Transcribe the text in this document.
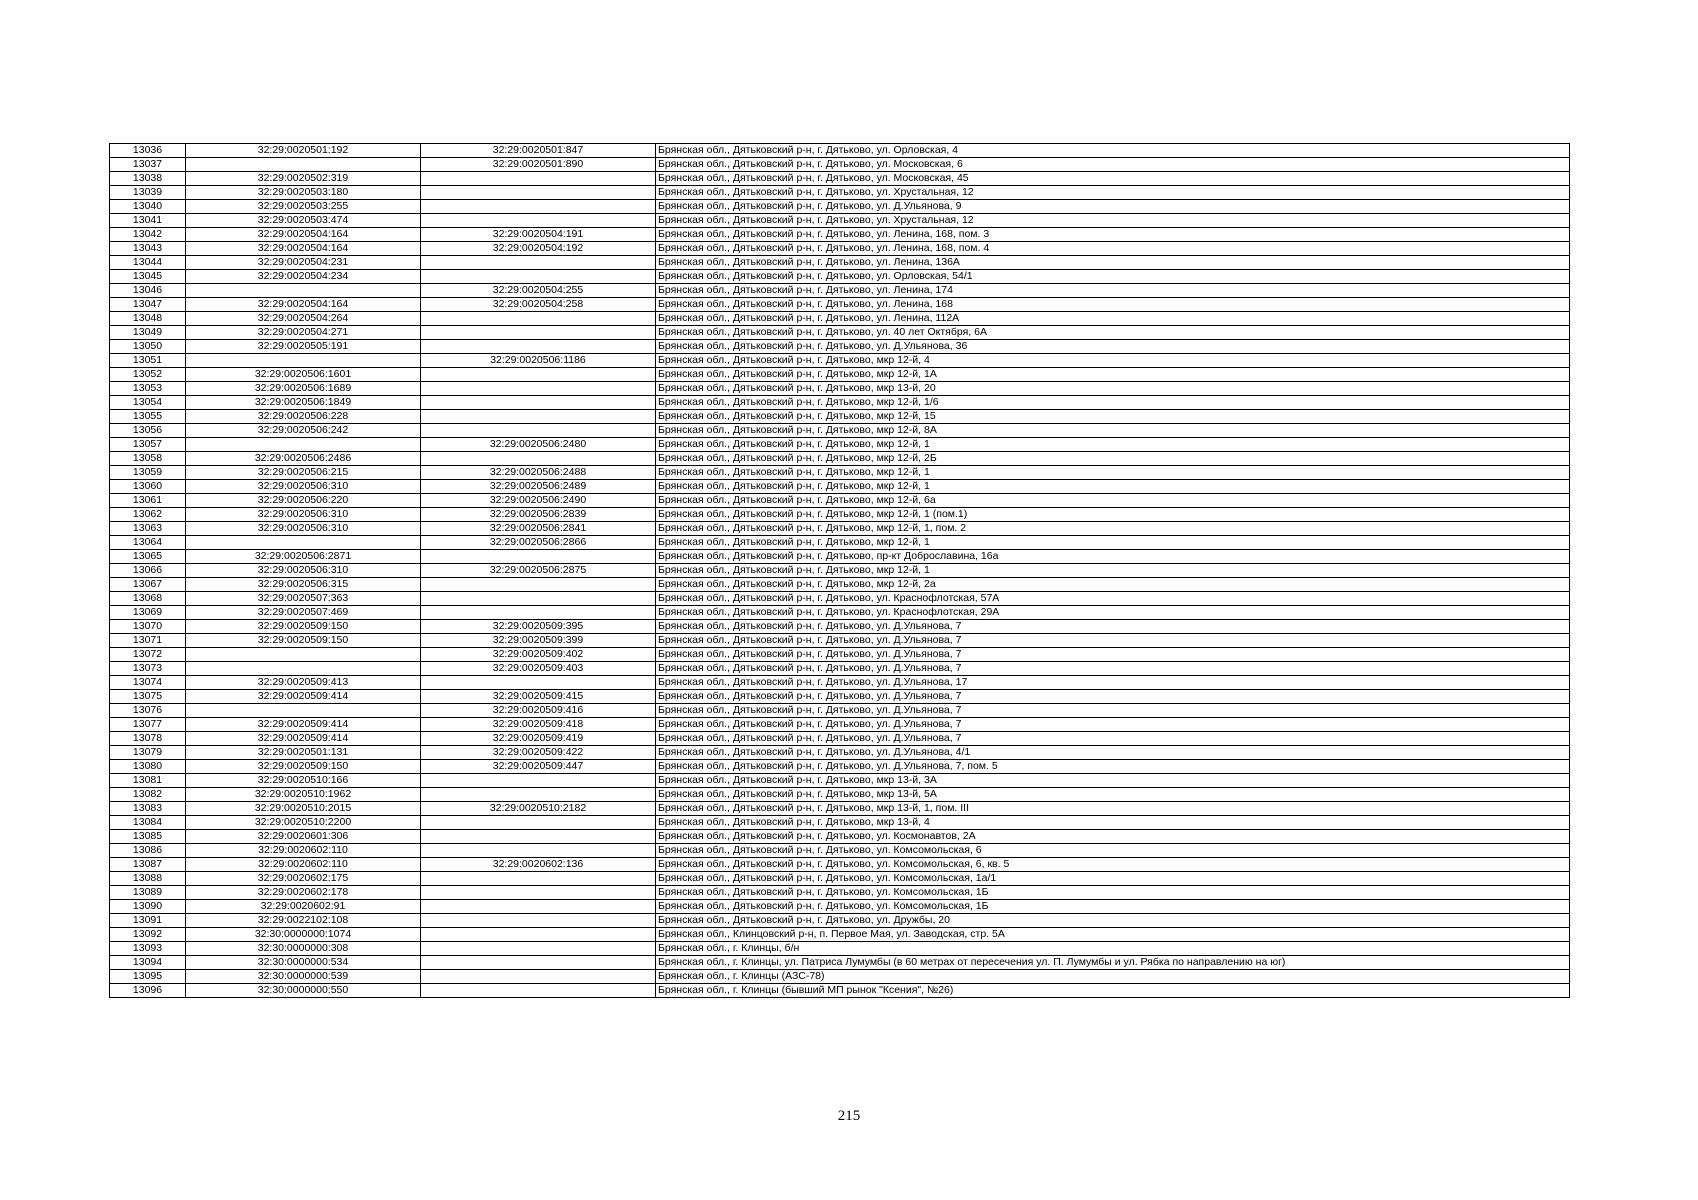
13036	32:29:0020501:192	32:29:0020501:847	Брянская обл., Дятьковский р-н, г. Дятьково, ул. Орловская, 4
13037		32:29:0020501:890	Брянская обл., Дятьковский р-н, г. Дятьково, ул. Московская, 6
13038	32:29:0020502:319		Брянская обл., Дятьковский р-н, г. Дятьково, ул. Московская, 45
13039	32:29:0020503:180		Брянская обл., Дятьковский р-н, г. Дятьково, ул. Хрустальная, 12
13040	32:29:0020503:255		Брянская обл., Дятьковский р-н, г. Дятьково, ул. Д.Ульянова, 9
13041	32:29:0020503:474		Брянская обл., Дятьковский р-н, г. Дятьково, ул. Хрустальная, 12
13042	32:29:0020504:164	32:29:0020504:191	Брянская обл., Дятьковский р-н, г. Дятьково, ул. Ленина, 168, пом. 3
13043	32:29:0020504:164	32:29:0020504:192	Брянская обл., Дятьковский р-н, г. Дятьково, ул. Ленина, 168, пом. 4
13044	32:29:0020504:231		Брянская обл., Дятьковский р-н, г. Дятьково, ул. Ленина, 136А
13045	32:29:0020504:234		Брянская обл., Дятьковский р-н, г. Дятьково, ул. Орловская, 54/1
13046		32:29:0020504:255	Брянская обл., Дятьковский р-н, г. Дятьково, ул. Ленина, 174
13047	32:29:0020504:164	32:29:0020504:258	Брянская обл., Дятьковский р-н, г. Дятьково, ул. Ленина, 168
13048	32:29:0020504:264		Брянская обл., Дятьковский р-н, г. Дятьково, ул. Ленина, 112А
13049	32:29:0020504:271		Брянская обл., Дятьковский р-н, г. Дятьково, ул. 40 лет Октября, 6А
13050	32:29:0020505:191		Брянская обл., Дятьковский р-н, г. Дятьково, ул. Д.Ульянова, 36
13051		32:29:0020506:1186	Брянская обл., Дятьковский р-н, г. Дятьково, мкр 12-й, 4
13052	32:29:0020506:1601		Брянская обл., Дятьковский р-н, г. Дятьково, мкр 12-й, 1А
13053	32:29:0020506:1689		Брянская обл., Дятьковский р-н, г. Дятьково, мкр 13-й, 20
13054	32:29:0020506:1849		Брянская обл., Дятьковский р-н, г. Дятьково, мкр 12-й, 1/6
13055	32:29:0020506:228		Брянская обл., Дятьковский р-н, г. Дятьково, мкр 12-й, 15
13056	32:29:0020506:242		Брянская обл., Дятьковский р-н, г. Дятьково, мкр 12-й, 8А
13057		32:29:0020506:2480	Брянская обл., Дятьковский р-н, г. Дятьково, мкр 12-й, 1
13058	32:29:0020506:2486		Брянская обл., Дятьковский р-н, г. Дятьково, мкр 12-й, 2Б
13059	32:29:0020506:215	32:29:0020506:2488	Брянская обл., Дятьковский р-н, г. Дятьково, мкр 12-й, 1
13060	32:29:0020506:310	32:29:0020506:2489	Брянская обл., Дятьковский р-н, г. Дятьково, мкр 12-й, 1
13061	32:29:0020506:220	32:29:0020506:2490	Брянская обл., Дятьковский р-н, г. Дятьково, мкр 12-й, 6а
13062	32:29:0020506:310	32:29:0020506:2839	Брянская обл., Дятьковский р-н, г. Дятьково, мкр 12-й, 1 (пом.1)
13063	32:29:0020506:310	32:29:0020506:2841	Брянская обл., Дятьковский р-н, г. Дятьково, мкр 12-й, 1, пом. 2
13064		32:29:0020506:2866	Брянская обл., Дятьковский р-н, г. Дятьково, мкр 12-й, 1
13065	32:29:0020506:2871		Брянская обл., Дятьковский р-н, г. Дятьково, пр-кт Доброславина, 16а
13066	32:29:0020506:310	32:29:0020506:2875	Брянская обл., Дятьковский р-н, г. Дятьково, мкр 12-й, 1
13067	32:29:0020506:315		Брянская обл., Дятьковский р-н, г. Дятьково, мкр 12-й, 2а
13068	32:29:0020507:363		Брянская обл., Дятьковский р-н, г. Дятьково, ул. Краснофлотская, 57А
13069	32:29:0020507:469		Брянская обл., Дятьковский р-н, г. Дятьково, ул. Краснофлотская, 29А
13070	32:29:0020509:150	32:29:0020509:395	Брянская обл., Дятьковский р-н, г. Дятьково, ул. Д.Ульянова, 7
13071	32:29:0020509:150	32:29:0020509:399	Брянская обл., Дятьковский р-н, г. Дятьково, ул. Д.Ульянова, 7
13072		32:29:0020509:402	Брянская обл., Дятьковский р-н, г. Дятьково, ул. Д.Ульянова, 7
13073		32:29:0020509:403	Брянская обл., Дятьковский р-н, г. Дятьково, ул. Д.Ульянова, 7
13074	32:29:0020509:413		Брянская обл., Дятьковский р-н, г. Дятьково, ул. Д.Ульянова, 17
13075	32:29:0020509:414	32:29:0020509:415	Брянская обл., Дятьковский р-н, г. Дятьково, ул. Д.Ульянова, 7
13076		32:29:0020509:416	Брянская обл., Дятьковский р-н, г. Дятьково, ул. Д.Ульянова, 7
13077	32:29:0020509:414	32:29:0020509:418	Брянская обл., Дятьковский р-н, г. Дятьково, ул. Д.Ульянова, 7
13078	32:29:0020509:414	32:29:0020509:419	Брянская обл., Дятьковский р-н, г. Дятьково, ул. Д.Ульянова, 7
13079	32:29:0020501:131	32:29:0020509:422	Брянская обл., Дятьковский р-н, г. Дятьково, ул. Д.Ульянова, 4/1
13080	32:29:0020509:150	32:29:0020509:447	Брянская обл., Дятьковский р-н, г. Дятьково, ул. Д.Ульянова, 7, пом. 5
13081	32:29:0020510:166		Брянская обл., Дятьковский р-н, г. Дятьково, мкр 13-й, 3А
13082	32:29:0020510:1962		Брянская обл., Дятьковский р-н, г. Дятьково, мкр 13-й, 5А
13083	32:29:0020510:2015	32:29:0020510:2182	Брянская обл., Дятьковский р-н, г. Дятьково, мкр 13-й, 1, пом. III
13084	32:29:0020510:2200		Брянская обл., Дятьковский р-н, г. Дятьково, мкр 13-й, 4
13085	32:29:0020601:306		Брянская обл., Дятьковский р-н, г. Дятьково, ул. Космонавтов, 2А
13086	32:29:0020602:110		Брянская обл., Дятьковский р-н, г. Дятьково, ул. Комсомольская, 6
13087	32:29:0020602:110	32:29:0020602:136	Брянская обл., Дятьковский р-н, г. Дятьково, ул. Комсомольская, 6, кв. 5
13088	32:29:0020602:175		Брянская обл., Дятьковский р-н, г. Дятьково, ул. Комсомольская, 1а/1
13089	32:29:0020602:178		Брянская обл., Дятьковский р-н, г. Дятьково, ул. Комсомольская, 1Б
13090	32:29:0020602:91		Брянская обл., Дятьковский р-н, г. Дятьково, ул. Комсомольская, 1Б
13091	32:29:0022102:108		Брянская обл., Дятьковский р-н, г. Дятьково, ул. Дружбы, 20
13092	32:30:0000000:1074		Брянская обл., Клинцовский р-н, п. Первое Мая, ул. Заводская, стр. 5А
13093	32:30:0000000:308		Брянская обл., г. Клинцы, б/н
13094	32:30:0000000:534		Брянская обл., г. Клинцы, ул. Патриса Лумумбы (в 60 метрах от пересечения ул. П. Лумумбы и ул. Рябка по направлению на юг)
13095	32:30:0000000:539		Брянская обл., г. Клинцы (АЗС-78)
13096	32:30:0000000:550		Брянская обл., г. Клинцы (бывший МП рынок "Ксения", №26)
215
